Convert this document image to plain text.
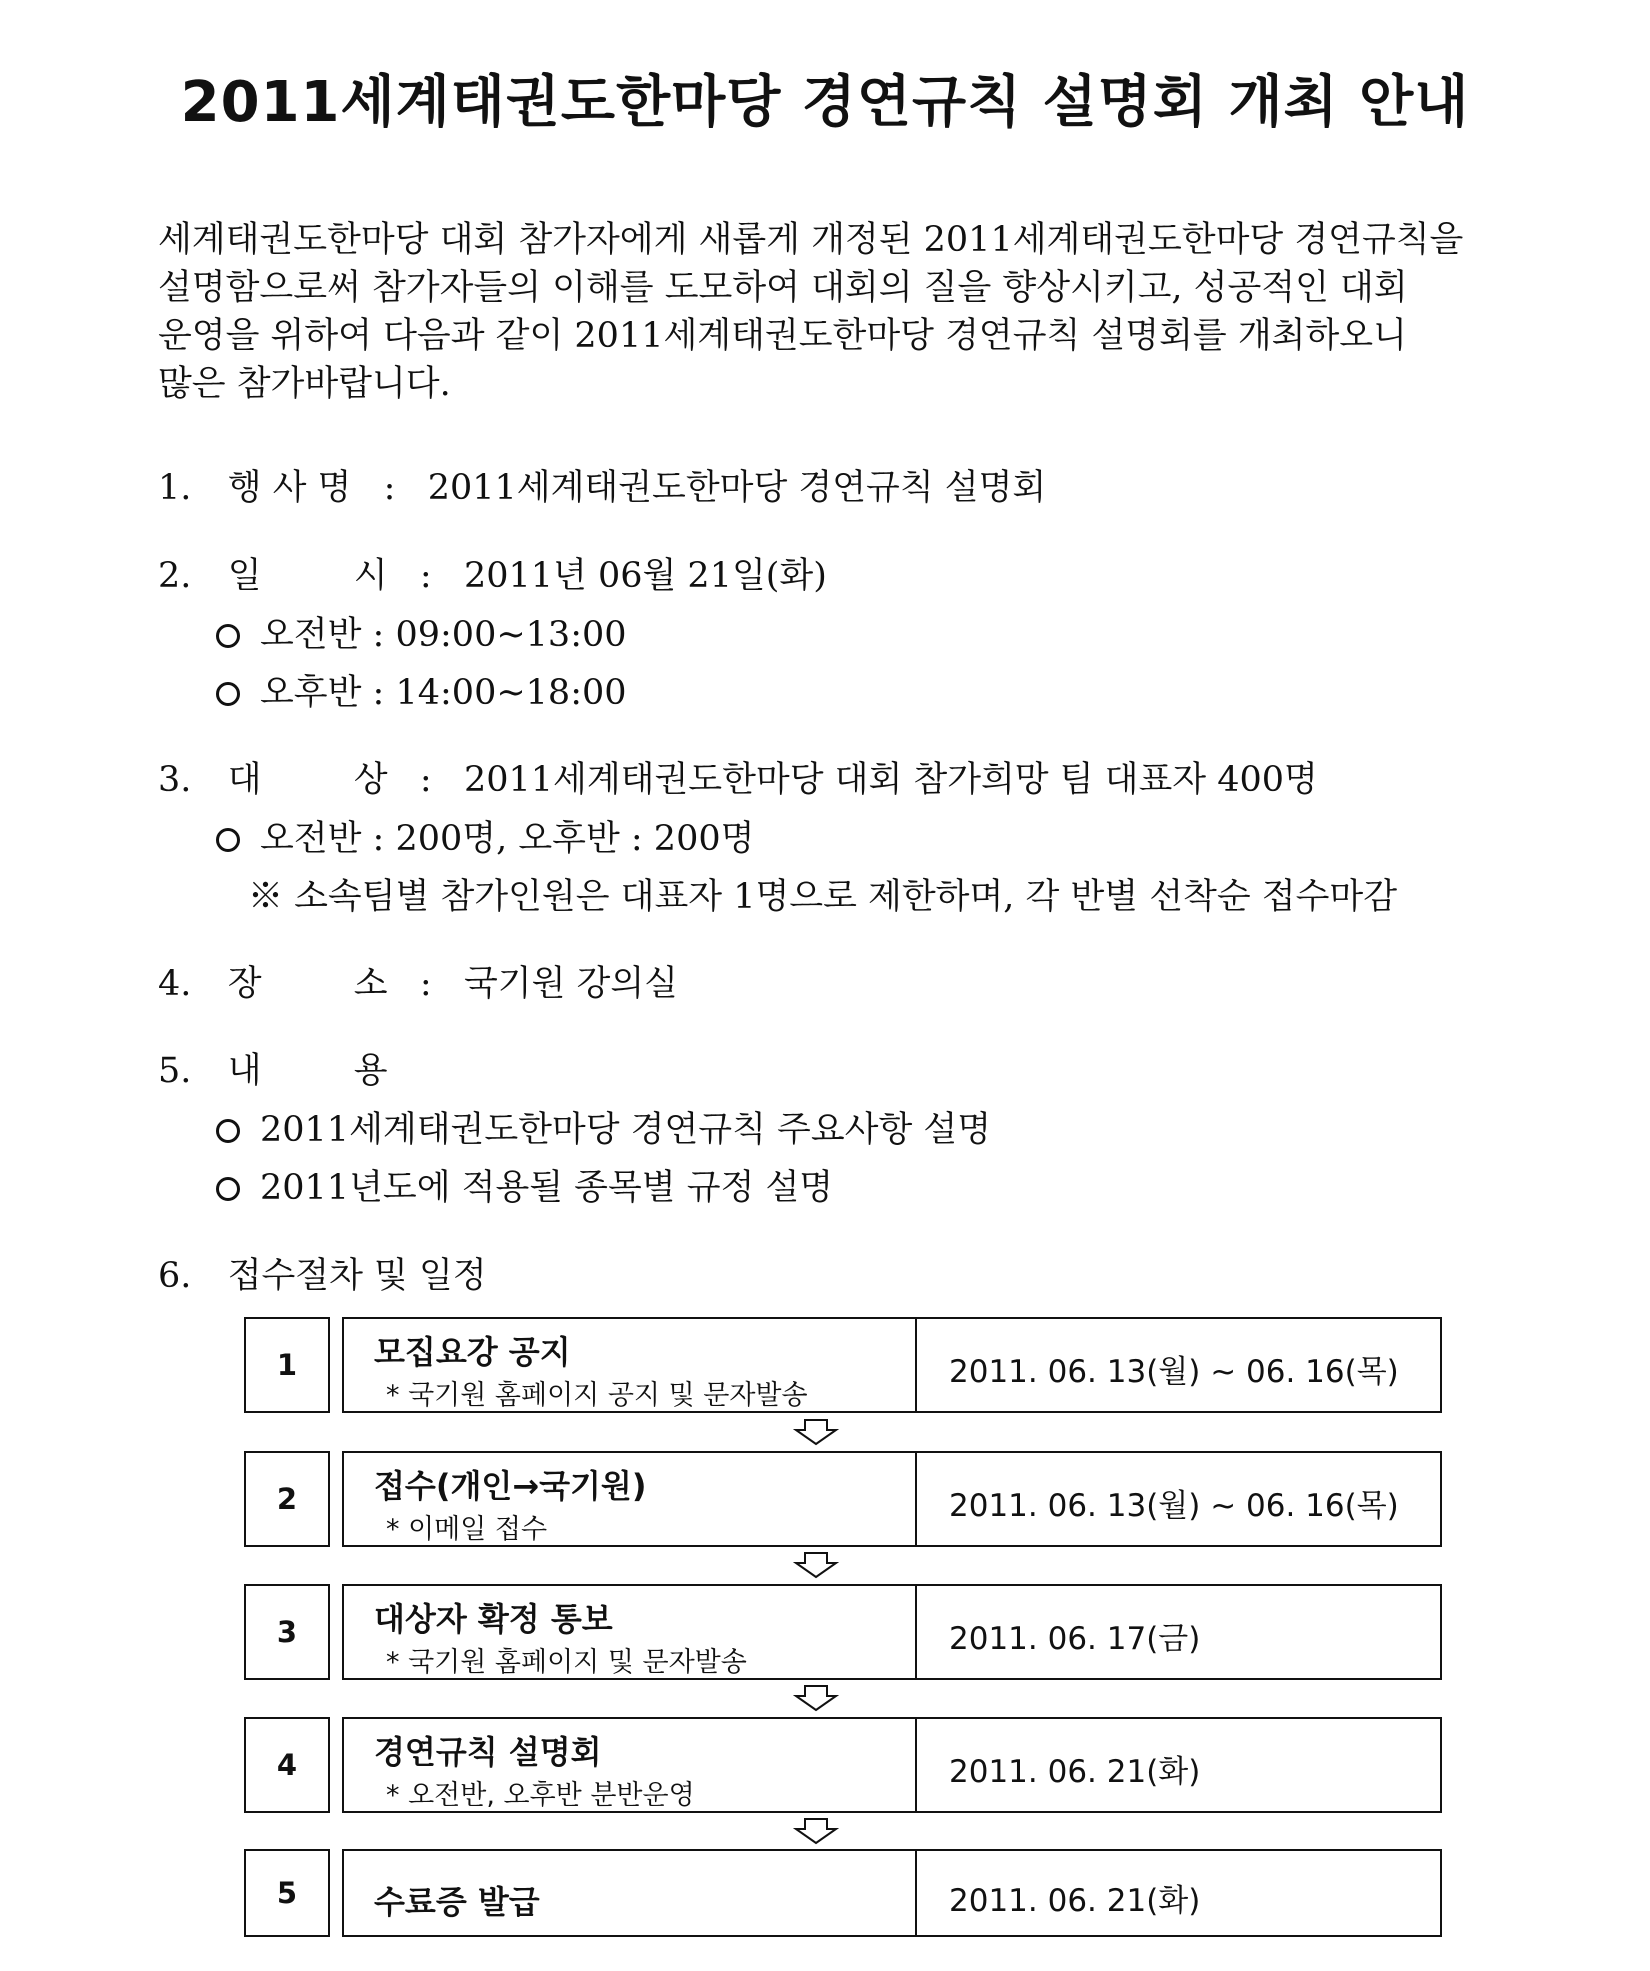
2011세계태권도한마당 경연규칙 설명회 개최 안내
세계태권도한마당 대회 참가자에게 새롭게 개정된 2011세계태권도한마당 경연규칙을
설명함으로써 참가자들의 이해를 도모하여 대회의 질을 향상시키고, 성공적인 대회
운영을 위하여 다음과 같이 2011세계태권도한마당 경연규칙 설명회를 개최하오니
많은 참가바랍니다.
1. 행 사 명 : 2011세계태권도한마당 경연규칙 설명회
2. 일	시 : 2011년 06월 21일(화)
오전반 : 09:00~13:00
오후반 : 14:00~18:00
3. 대	상 : 2011세계태권도한마당 대회 참가희망 팀 대표자 400명
오전반 : 200명, 오후반 : 200명
※ 소속팀별 참가인원은 대표자 1명으로 제한하며, 각 반별 선착순 접수마감
4. 장	소 : 국기원 강의실
5. 내	용
2011세계태권도한마당 경연규칙 주요사항 설명
2011년도에 적용될 종목별 규정 설명
6. 접수절차 및 일정
1	모집요강 공지
* 국기원 홈페이지 공지 및 문자발송
2011. 06. 13(월) ~ 06. 16(목)
2	접수(개인→국기원)
* 이메일 접수
2011. 06. 13(월) ~ 06. 16(목)
3	대상자 확정 통보
* 국기원 홈페이지 및 문자발송
2011. 06. 17(금)
4	경연규칙 설명회
* 오전반, 오후반 분반운영
2011. 06. 21(화)
5	수료증 발급	2011. 06. 21(화)
